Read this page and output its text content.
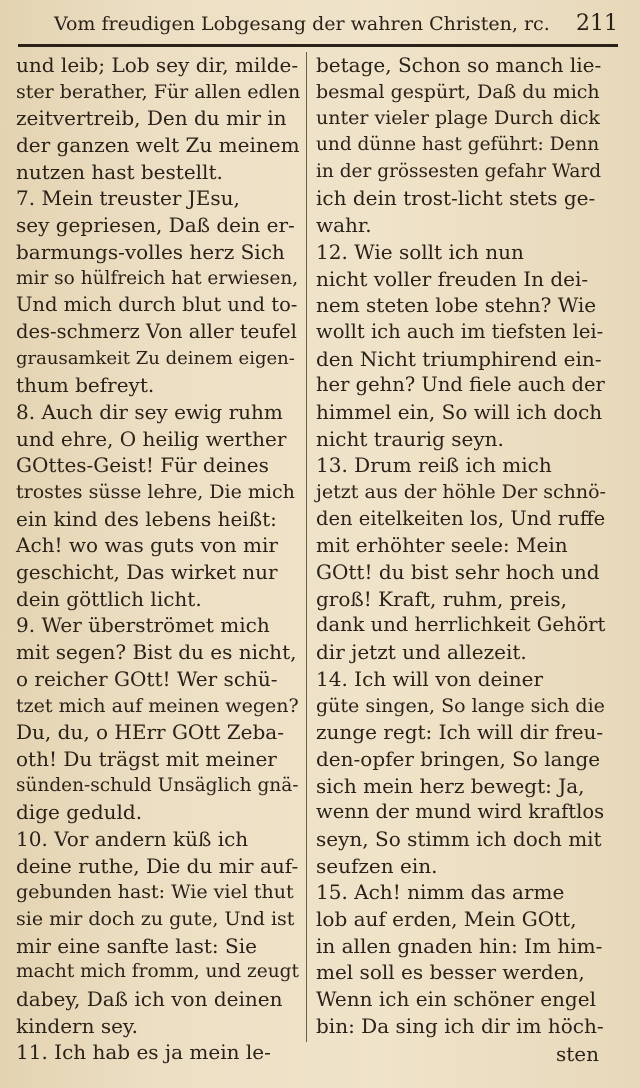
Vom freudigen Lobgesang der wahren Christen, rc. 211
und leib; Lob sey dir, milde-
ster berather, Für allen edlen
zeitvertreib, Den du mir in
der ganzen welt Zu meinem
nutzen hast bestellt.
7. Mein treuster JEsu,
sey gepriesen, Daß dein er-
barmungs-volles herz Sich
mir so hülfreich hat erwiesen,
Und mich durch blut und to-
des-schmerz Von aller teufel
grausamkeit Zu deinem eigen-
thum befreyt.
8. Auch dir sey ewig ruhm
und ehre, O heilig werther
GOttes-Geist! Für deines
trostes süsse lehre, Die mich
ein kind des lebens heißt:
Ach! wo was guts von mir
geschicht, Das wirket nur
dein göttlich licht.
9. Wer überströmet mich
mit segen? Bist du es nicht,
o reicher GOtt! Wer schü-
tzet mich auf meinen wegen?
Du, du, o HErr GOtt Zeba-
oth! Du trägst mit meiner
sünden-schuld Unsäglich gnä-
dige geduld.
10. Vor andern küß ich
deine ruthe, Die du mir auf-
gebunden hast: Wie viel thut
sie mir doch zu gute, Und ist
mir eine sanfte last: Sie
macht mich fromm, und zeugt
dabey, Daß ich von deinen
kindern sey.
11. Ich hab es ja mein le-
betage, Schon so manch lie-
besmal gespürt, Daß du mich
unter vieler plage Durch dick
und dünne hast geführt: Denn
in der grössesten gefahr Ward
ich dein trost-licht stets ge-
wahr.
12. Wie sollt ich nun
nicht voller freuden In dei-
nem steten lobe stehn? Wie
wollt ich auch im tiefsten lei-
den Nicht triumphirend ein-
her gehn? Und fiele auch der
himmel ein, So will ich doch
nicht traurig seyn.
13. Drum reiß ich mich
jetzt aus der höhle Der schnö-
den eitelkeiten los, Und ruffe
mit erhöhter seele: Mein
GOtt! du bist sehr hoch und
groß! Kraft, ruhm, preis,
dank und herrlichkeit Gehört
dir jetzt und allezeit.
14. Ich will von deiner
güte singen, So lange sich die
zunge regt: Ich will dir freu-
den-opfer bringen, So lange
sich mein herz bewegt: Ja,
wenn der mund wird kraftlos
seyn, So stimm ich doch mit
seufzen ein.
15. Ach! nimm das arme
lob auf erden, Mein GOtt,
in allen gnaden hin: Im him-
mel soll es besser werden,
Wenn ich ein schöner engel
bin: Da sing ich dir im höch-
sten
